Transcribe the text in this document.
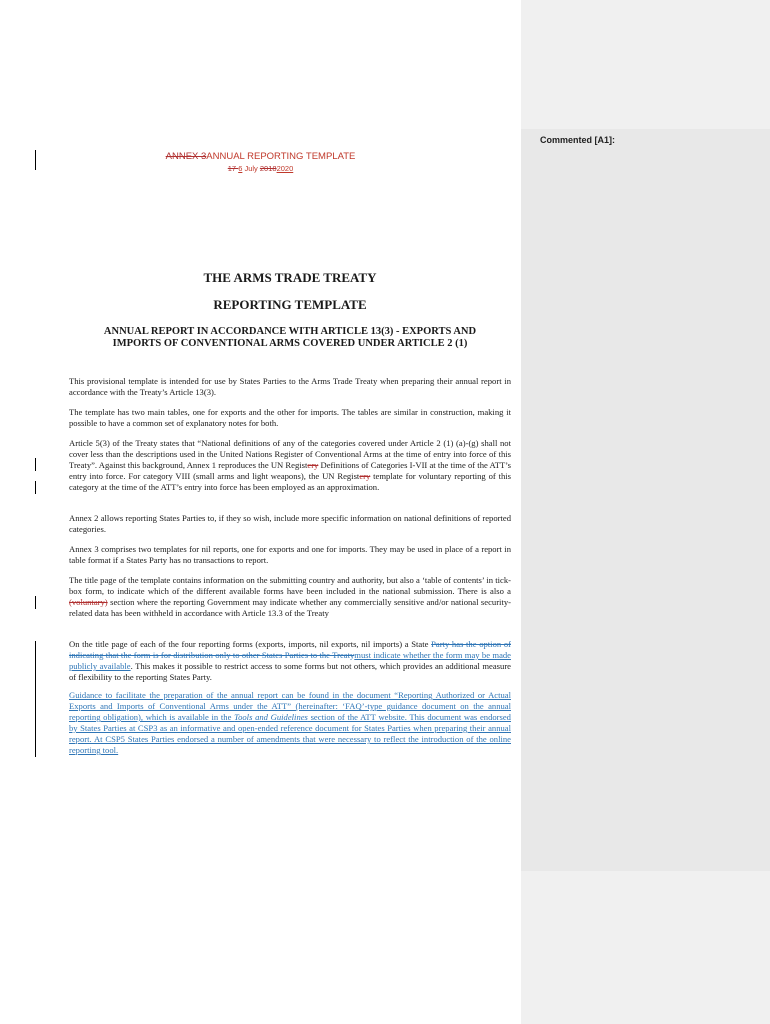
Commented [A1]:
ANNEX 3ANNUAL REPORTING TEMPLATE
17 6 July 20182020
THE ARMS TRADE TREATY
REPORTING TEMPLATE
ANNUAL REPORT IN ACCORDANCE WITH ARTICLE 13(3) - EXPORTS AND
IMPORTS OF CONVENTIONAL ARMS COVERED UNDER ARTICLE 2 (1)
This provisional template is intended for use by States Parties to the Arms Trade Treaty when preparing their annual report in accordance with the Treaty’s Article 13(3).
The template has two main tables, one for exports and the other for imports. The tables are similar in construction, making it possible to have a common set of explanatory notes for both.
Article 5(3) of the Treaty states that “National definitions of any of the categories covered under Article 2 (1) (a)-(g) shall not cover less than the descriptions used in the United Nations Register of Conventional Arms at the time of entry into force of this Treaty”. Against this background, Annex 1 reproduces the UN Registery Definitions of Categories I-VII at the time of the ATT’s entry into force. For category VIII (small arms and light weapons), the UN Registery template for voluntary reporting of this category at the time of the ATT’s entry into force has been employed as an approximation.
Annex 2 allows reporting States Parties to, if they so wish, include more specific information on national definitions of reported categories.
Annex 3 comprises two templates for nil reports, one for exports and one for imports. They may be used in place of a report in table format if a States Party has no transactions to report.
The title page of the template contains information on the submitting country and authority, but also a ‘table of contents’ in tick-box form, to indicate which of the different available forms have been included in the national submission. There is also a (voluntary) section where the reporting Government may indicate whether any commercially sensitive and/or national security-related data has been withheld in accordance with Article 13.3 of the Treaty
On the title page of each of the four reporting forms (exports, imports, nil exports, nil imports) a State Party has the option of indicating that the form is for distribution only to other States Parties to the Treatymust indicate whether the form may be made publicly available. This makes it possible to restrict access to some forms but not others, which provides an additional measure of flexibility to the reporting States Party.
Guidance to facilitate the preparation of the annual report can be found in the document “Reporting Authorized or Actual Exports and Imports of Conventional Arms under the ATT” (hereinafter: ‘FAQ’-type guidance document on the annual reporting obligation), which is available in the Tools and Guidelines section of the ATT website. This document was endorsed by States Parties at CSP3 as an informative and open-ended reference document for States Parties when preparing their annual report. At CSP5 States Parties endorsed a number of amendments that were necessary to reflect the introduction of the online reporting tool.
